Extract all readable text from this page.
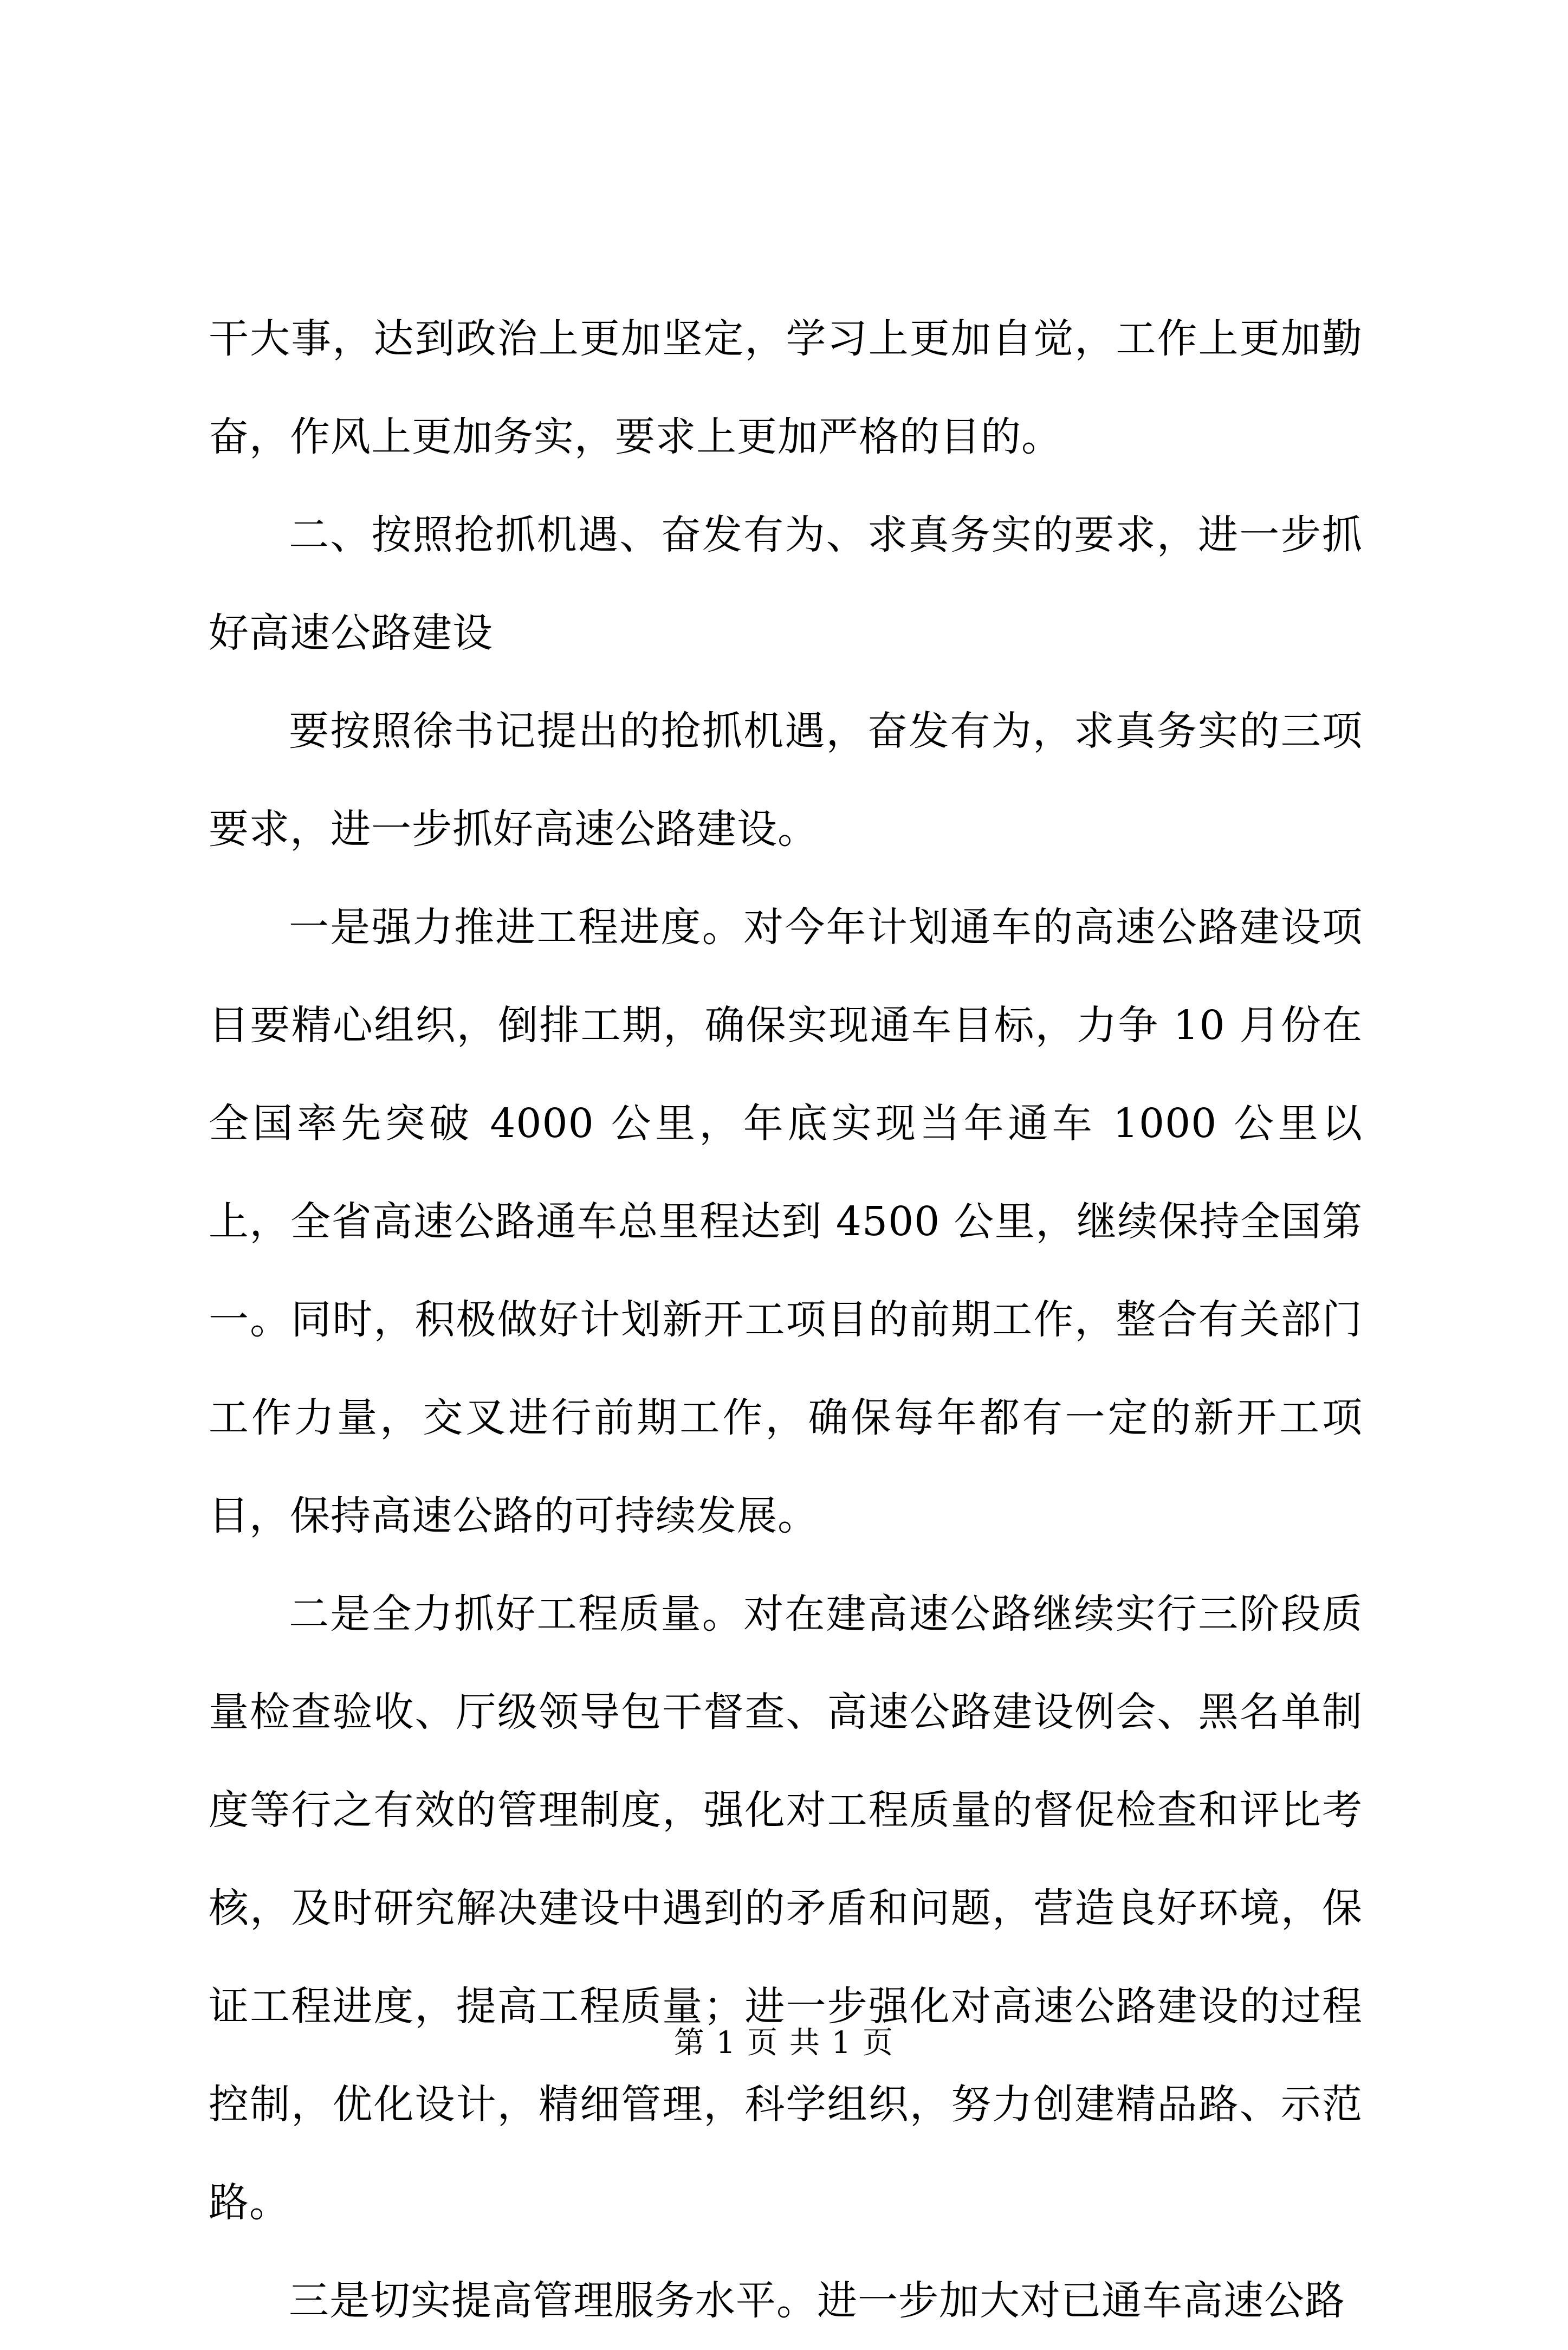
干大事，达到政治上更加坚定，学习上更加自觉，工作上更加勤奋，作风上更加务实，要求上更加严格的目的。

二、按照抢抓机遇、奋发有为、求真务实的要求，进一步抓好高速公路建设

要按照徐书记提出的抢抓机遇，奋发有为，求真务实的三项要求，进一步抓好高速公路建设。

一是强力推进工程进度。对今年计划通车的高速公路建设项目要精心组织，倒排工期，确保实现通车目标，力争 10 月份在全国率先突破 4000 公里，年底实现当年通车 1000 公里以上，全省高速公路通车总里程达到 4500 公里，继续保持全国第一。同时，积极做好计划新开工项目的前期工作，整合有关部门工作力量，交叉进行前期工作，确保每年都有一定的新开工项目，保持高速公路的可持续发展。

二是全力抓好工程质量。对在建高速公路继续实行三阶段质量检查验收、厅级领导包干督查、高速公路建设例会、黑名单制度等行之有效的管理制度，强化对工程质量的督促检查和评比考核，及时研究解决建设中遇到的矛盾和问题，营造良好环境，保证工程进度，提高工程质量；进一步强化对高速公路建设的过程控制，优化设计，精细管理，科学组织，努力创建精品路、示范路。

三是切实提高管理服务水平。进一步加大对已通车高速公路

第 1 页 共 1 页
